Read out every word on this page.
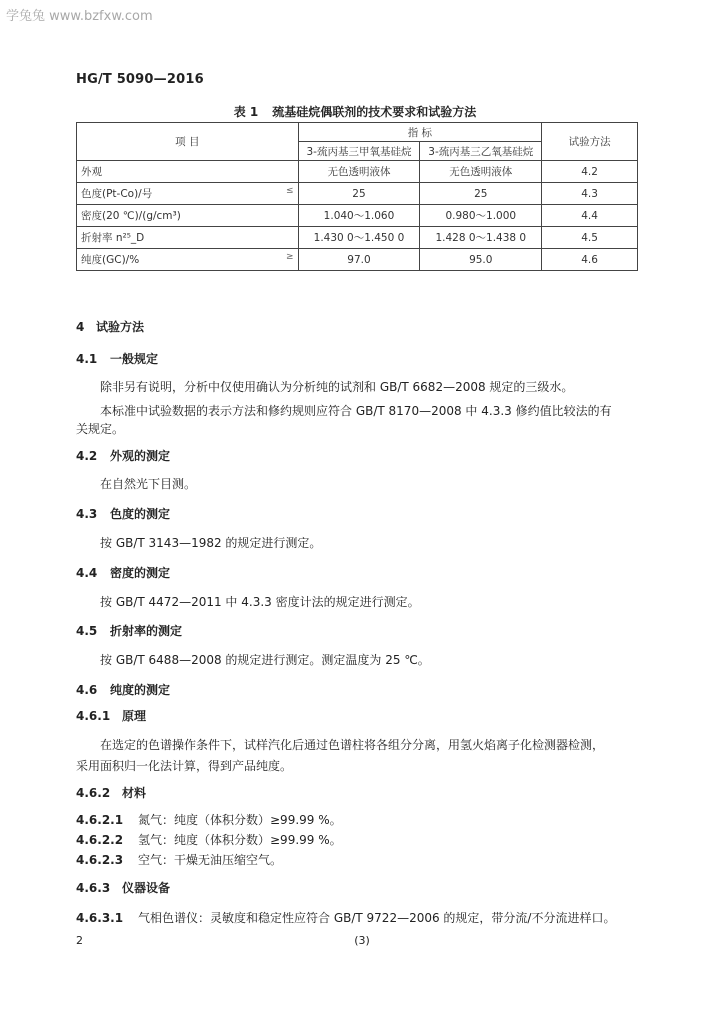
学兔兔 www.bzfxw.com
HG/T 5090—2016
表 1 巯基硅烷偶联剂的技术要求和试验方法
项 目	指 标		试验方法
	3-巯丙基三甲氧基硅烷	3-巯丙基三乙氧基硅烷	
外观	无色透明液体	无色透明液体	4.2
色度(Pt-Co)/号 ≤	25	25	4.3
密度(20 ℃)/(g/cm³)	1.040～1.060	0.980～1.000	4.4
折射率 n²⁵_D	1.430 0～1.450 0	1.428 0～1.438 0	4.5
纯度(GC)/% ≥	97.0	95.0	4.6
4 试验方法
4.1 一般规定
除非另有说明，分析中仅使用确认为分析纯的试剂和 GB/T 6682—2008 规定的三级水。
本标准中试验数据的表示方法和修约规则应符合 GB/T 8170—2008 中 4.3.3 修约值比较法的有
关规定。
4.2 外观的测定
在自然光下目测。
4.3 色度的测定
按 GB/T 3143—1982 的规定进行测定。
4.4 密度的测定
按 GB/T 4472—2011 中 4.3.3 密度计法的规定进行测定。
4.5 折射率的测定
按 GB/T 6488—2008 的规定进行测定。测定温度为 25 ℃。
4.6 纯度的测定
4.6.1 原理
在选定的色谱操作条件下，试样汽化后通过色谱柱将各组分分离，用氢火焰离子化检测器检测，
采用面积归一化法计算，得到产品纯度。
4.6.2 材料
4.6.2.1 氮气：纯度（体积分数）≥99.99 %。
4.6.2.2 氢气：纯度（体积分数）≥99.99 %。
4.6.2.3 空气：干燥无油压缩空气。
4.6.3 仪器设备
4.6.3.1 气相色谱仪：灵敏度和稳定性应符合 GB/T 9722—2006 的规定，带分流/不分流进样口。
2	(3)
